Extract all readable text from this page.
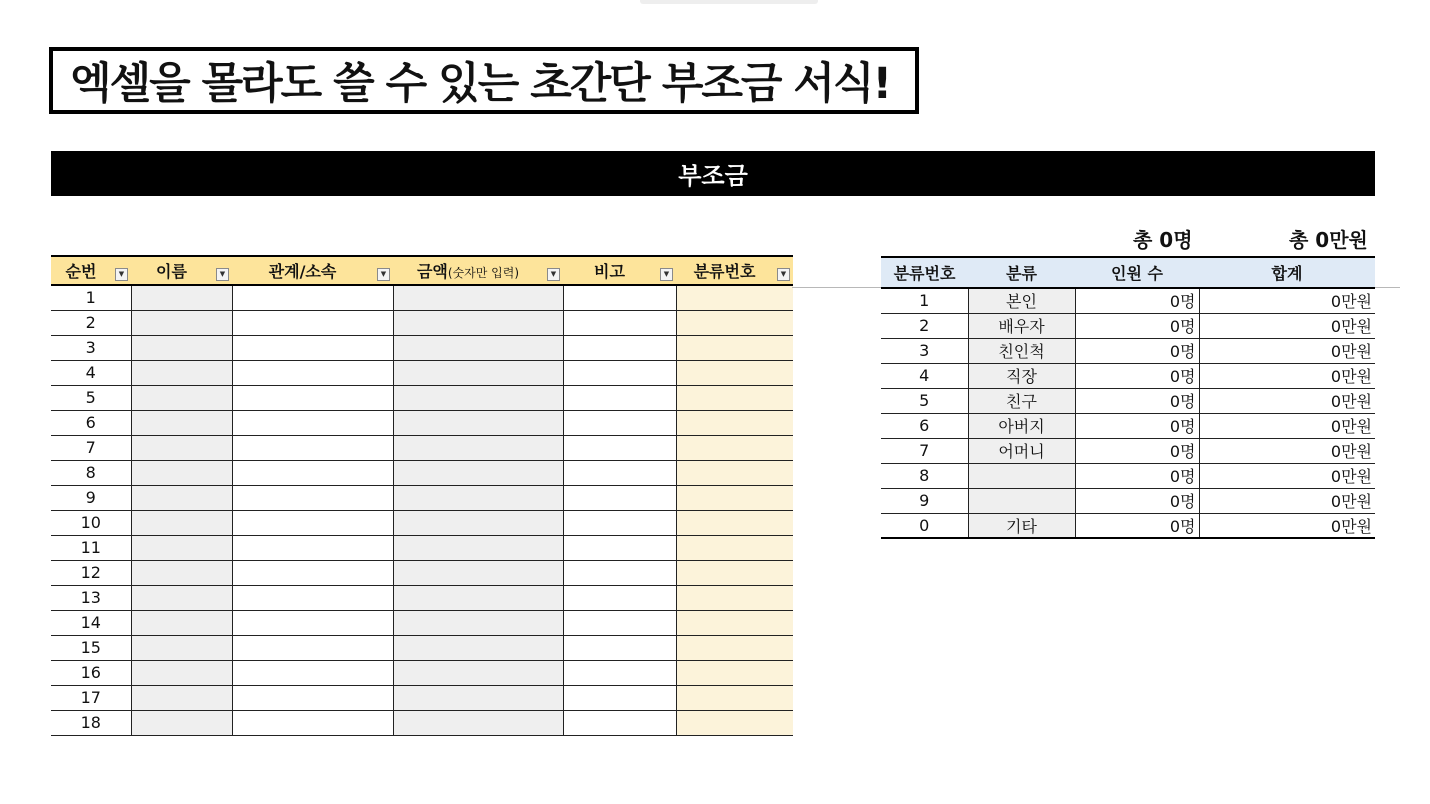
엑셀을 몰라도 쓸 수 있는 초간단 부조금 서식!
부조금
총 0명	총 0만원
순번 ▼	이름 ▼	관계/소속 ▼	금액(숫자만 입력) ▼	비고 ▼	분류번호 ▼

1					
2					
3					
4					
5					
6					
7					
8					
9					
10					
11					
12					
13					
14					
15					
16					
17					
18					
분류번호	분류	인원 수	합계
1	본인	0명	0만원
2	배우자	0명	0만원
3	친인척	0명	0만원
4	직장	0명	0만원
5	친구	0명	0만원
6	아버지	0명	0만원
7	어머니	0명	0만원
8		0명	0만원
9		0명	0만원
0	기타	0명	0만원
